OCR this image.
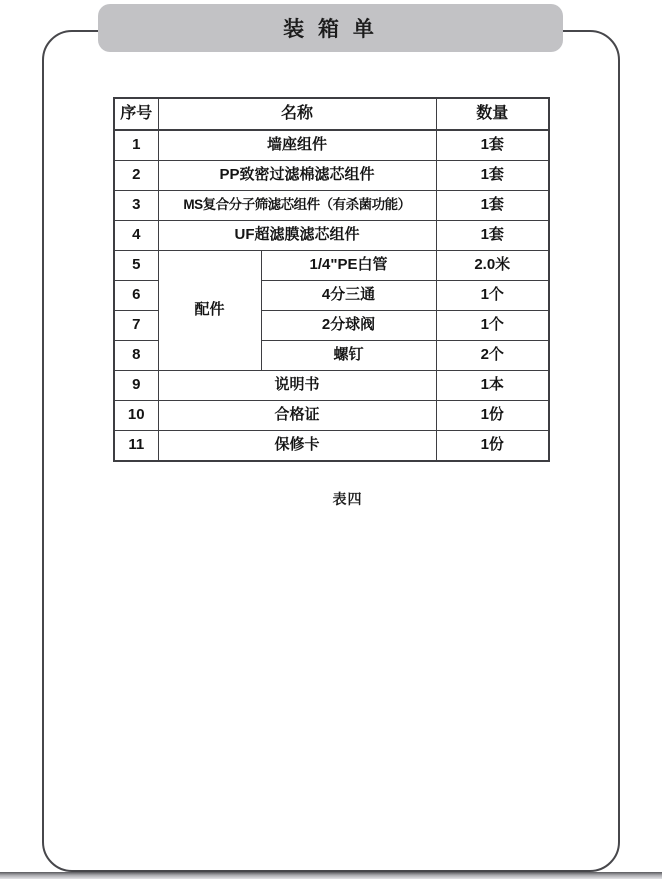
装 箱 单
序号	名称		数量
1	墙座组件		1套
2	PP致密过滤棉滤芯组件		1套
3	MS复合分子筛滤芯组件（有杀菌功能）		1套
4	UF超滤膜滤芯组件		1套
5	配件	1/4"PE白管	2.0米
6		4分三通	1个
7		2分球阀	1个
8		螺钉	2个
9	说明书		1本
10	合格证		1份
11	保修卡		1份
表四
